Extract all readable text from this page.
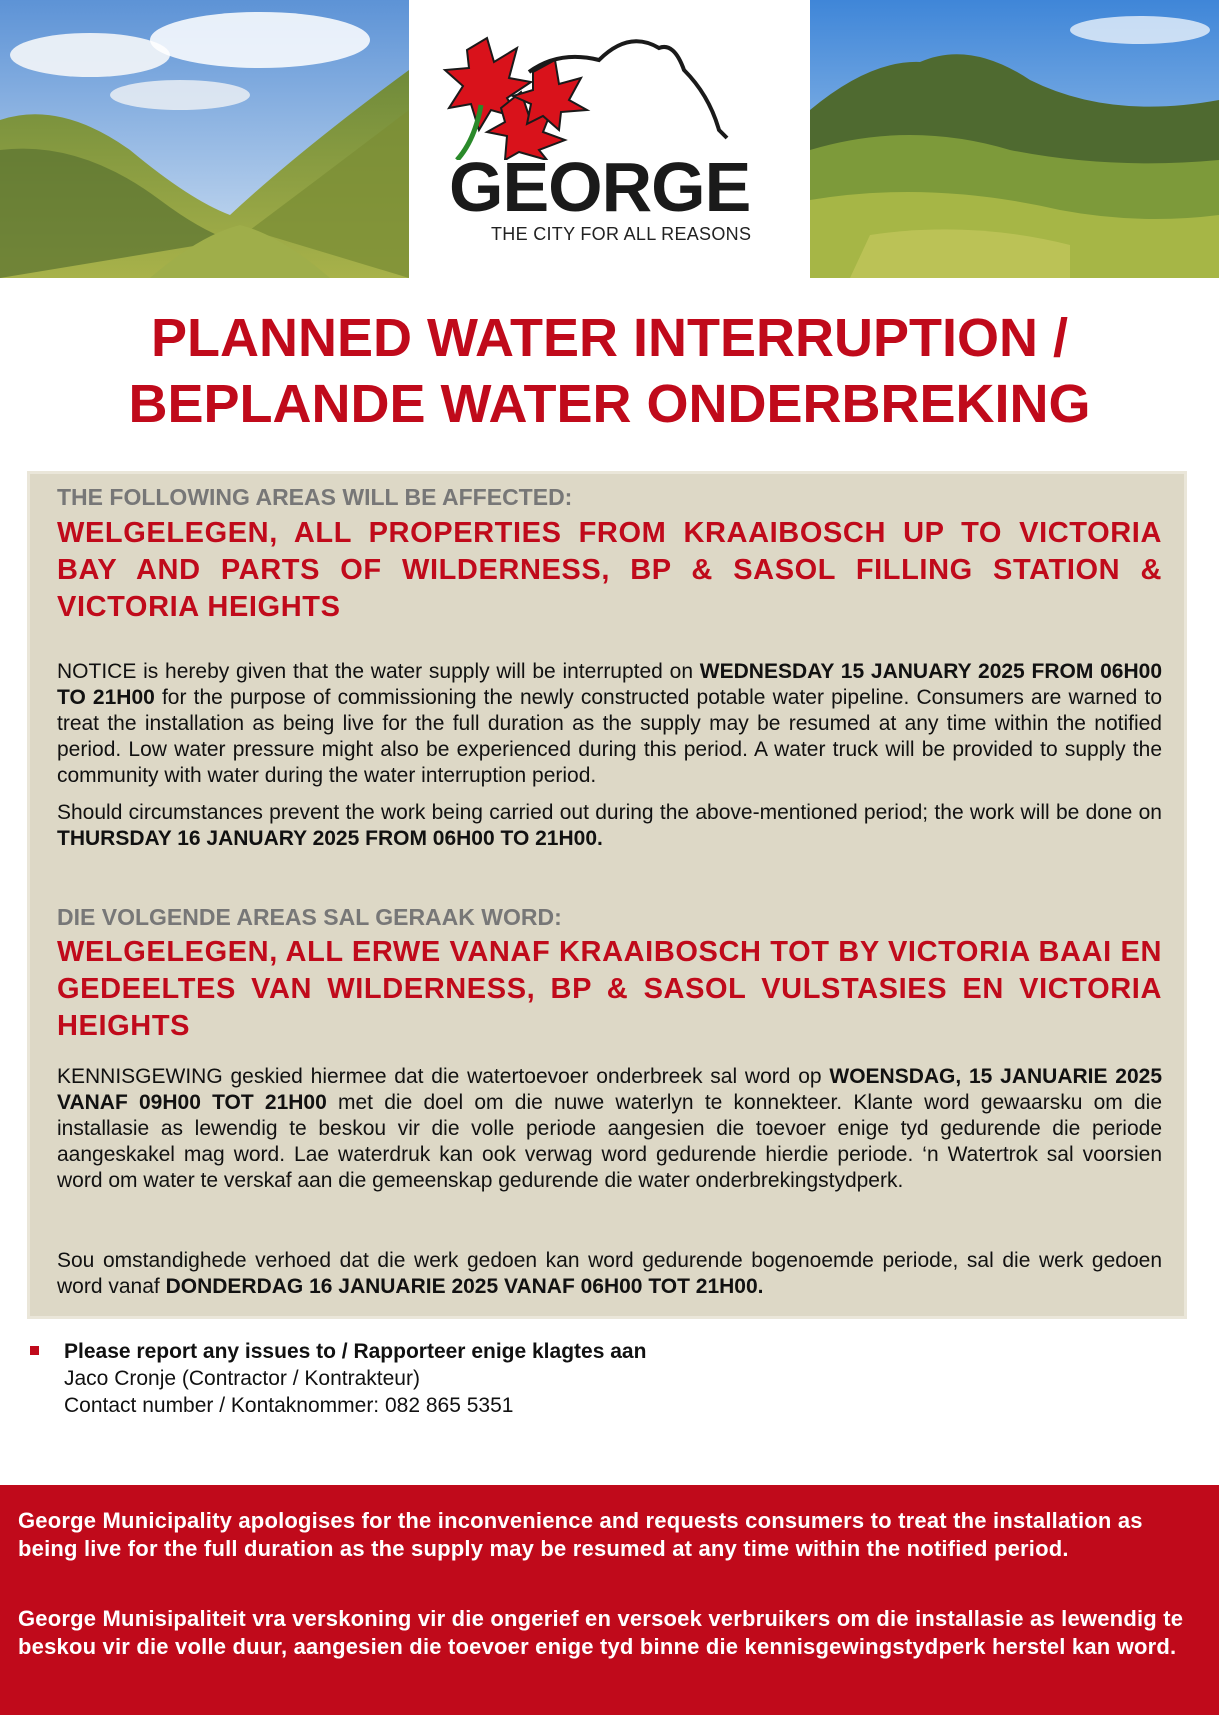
GEORGE
THE CITY FOR ALL REASONS
PLANNED WATER INTERRUPTION /
BEPLANDE WATER ONDERBREKING
THE FOLLOWING AREAS WILL BE AFFECTED:
WELGELEGEN, ALL PROPERTIES FROM KRAAIBOSCH UP TO VICTORIA BAY AND PARTS OF WILDERNESS, BP & SASOL FILLING STATION & VICTORIA HEIGHTS

NOTICE is hereby given that the water supply will be interrupted on WEDNESDAY 15 JANUARY 2025 FROM 06H00 TO 21H00 for the purpose of commissioning the newly constructed potable water pipeline. Consumers are warned to treat the installation as being live for the full duration as the supply may be resumed at any time within the notified period. Low water pressure might also be experienced during this period. A water truck will be provided to supply the community with water during the water interruption period.

Should circumstances prevent the work being carried out during the above-mentioned period; the work will be done on THURSDAY 16 JANUARY 2025 FROM 06H00 TO 21H00.

DIE VOLGENDE AREAS SAL GERAAK WORD:
WELGELEGEN, ALL ERWE VANAF KRAAIBOSCH TOT BY VICTORIA BAAI EN GEDEELTES VAN WILDERNESS, BP & SASOL VULSTASIES EN VICTORIA HEIGHTS

KENNISGEWING geskied hiermee dat die watertoevoer onderbreek sal word op WOENSDAG, 15 JANUARIE 2025 VANAF 09H00 TOT 21H00 met die doel om die nuwe waterlyn te konnekteer. Klante word gewaarsku om die installasie as lewendig te beskou vir die volle periode aangesien die toevoer enige tyd gedurende die periode aangeskakel mag word. Lae waterdruk kan ook verwag word gedurende hierdie periode. ‘n Watertrok sal voorsien word om water te verskaf aan die gemeenskap gedurende die water onderbrekingstydperk.

Sou omstandighede verhoed dat die werk gedoen kan word gedurende bogenoemde periode, sal die werk gedoen word vanaf DONDERDAG 16 JANUARIE 2025 VANAF 06H00 TOT 21H00.

Please report any issues to / Rapporteer enige klagtes aan
Jaco Cronje (Contractor / Kontrakteur)
Contact number / Kontaknommer: 082 865 5351

George Municipality apologises for the inconvenience and requests consumers to treat the installation as being live for the full duration as the supply may be resumed at any time within the notified period.

George Munisipaliteit vra verskoning vir die ongerief en versoek verbruikers om die installasie as lewendig te beskou vir die volle duur, aangesien die toevoer enige tyd binne die kennisgewingstydperk herstel kan word.
